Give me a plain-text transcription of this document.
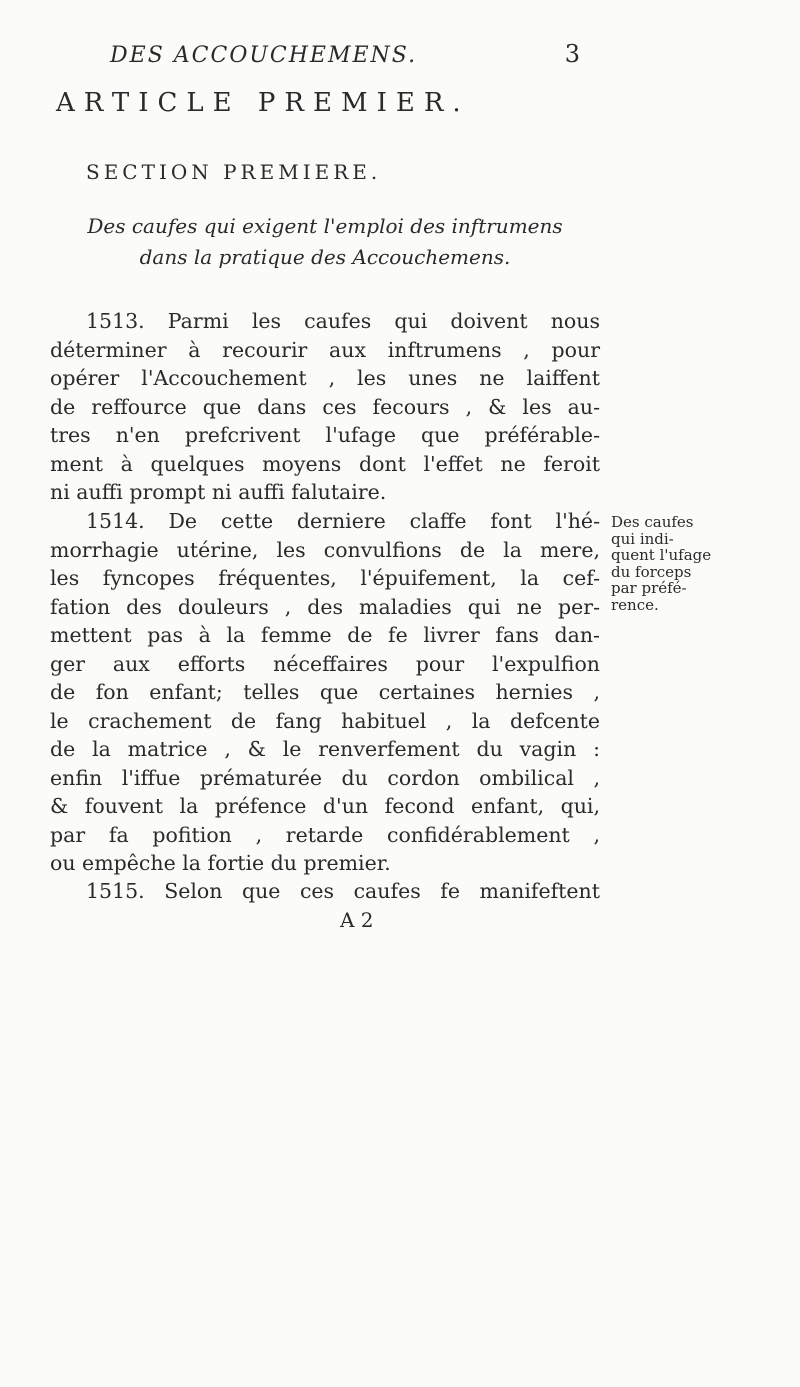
DES ACCOUCHEMENS.	3
ARTICLE PREMIER.
SECTION PREMIERE.
Des caufes qui exigent l'emploi des inftrumens
dans la pratique des Accouchemens.
1513. Parmi les caufes qui doivent nous
déterminer à recourir aux inftrumens , pour
opérer l'Accouchement , les unes ne laiffent
de reffource que dans ces fecours , & les au-
tres n'en prefcrivent l'ufage que préférable-
ment à quelques moyens dont l'effet ne feroit
ni auffi prompt ni auffi falutaire.
1514. De cette derniere claffe font l'hé-
morrhagie utérine, les convulfions de la mere,
les fyncopes fréquentes, l'épuifement, la cef-
fation des douleurs , des maladies qui ne per-
mettent pas à la femme de fe livrer fans dan-
ger aux efforts néceffaires pour l'expulfion
de fon enfant; telles que certaines hernies ,
le crachement de fang habituel , la defcente
de la matrice , & le renverfement du vagin :
enfin l'iffue prématurée du cordon ombilical ,
& fouvent la préfence d'un fecond enfant, qui,
par fa pofition , retarde confidérablement ,
ou empêche la fortie du premier.
1515. Selon que ces caufes fe manifeftent
Des caufes
qui indi-
quent l'ufage
du forceps
par préfé-
rence.
A 2
